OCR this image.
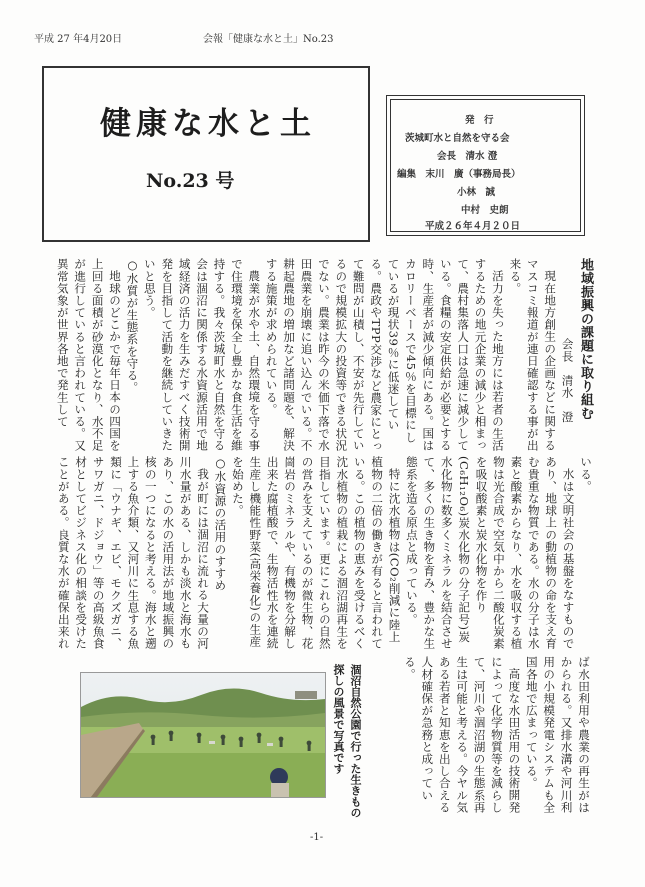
平成 27 年4月20日	会報「健康な水と土」No.23
健康な水と土
No.23 号
発　行
茨城町水と自然を守る会
会長　清水 澄
編集　末川　廣（事務局長）
小林　誠
中村　史朗
平成２６年４月２０日
地域振興の課題に取り組む
会長　清水　澄
現在地方創生の企画などに関するマスコミ報道が連日確認する事が出来る。
活力を失った地方には若者の生活するための地元企業の減少と相まって、農村集落人口は急速に減少している。食糧の安定供給が必要とする時、生産者が減少傾向にある。国はカロリーベースで45％を目標にしているが現状39％に低迷している。農政やTPP交渉など農家にとって難問が山積し、不安が先行しているので規模拡大の投資等できる状況でない。農業は昨今の米価下落で水田農業を崩壊に追い込んでいる。不耕起農地の増加など諸問題を、解決する施策が求められている。
農業が水や土、自然環境を守る事で住環境を保全し豊かな食生活を維持する。我々茨城町水と自然を守る会は涸沼に関係する水資源活用で地域経済の活力を生みだすべく技術開発を目指して活動を継続していきたいと思う。
○水質が生態系を守る。
地球のどこかで毎年日本の四国を上回る面積が砂漠化となり、水不足が進行していると言われている。又異常気象が世界各地で発生して
いる。
水は文明社会の基盤をなすものであり、地球上の動植物の命を支え育む貴重な物質である。水の分子は水素と酸素からなり、水を吸収する植物は光合成で空気中から二酸化炭素を吸収酸素と炭水化物を作り(C₆H₁₂O₆)炭水化物の分子記号)炭水化物に数多くミネラルを結合させて、多くの生き物を育み、豊かな生態系を造る原点と成っている。
特に沈水植物は(CO₂削減に陸上植物の二倍の働きが有ると言われている。この植物の恵みを受けるべく沈水植物の植栽による涸沼湖再生を目指しています。更にこれらの自然の営みを支えているのが微生物、花崗岩のミネラルや、有機物を分解し出来た腐植酸で、生物活性水を連続生産し機能性野菜(高栄養化)の生産を始めた。
○水資源の活用のすすめ
我が町には涸沼に流れる大量の河川水量がある、しかも淡水と海水もあり、この水の活用法が地域振興の核の一つになると考える。海水と遡上する魚介類、又河川に生息する魚類に「ウナギ、エビ、モクズガニ、サワガニ、ドジョウ」等の高級魚食材としてビジネス化の相談を受けたことがある。良質な水が確保出来れ
ば水田利用や農業の再生がはかられる。又排水溝や河川利用の小規模発電システムも全国各地で広まっている。
高度な水田活用の技術開発によって化学物質等を減らして、河川や涸沼湖の生態系再生は可能と考える。今ヤル気ある若者と知恵を出し合える人材確保が急務と成っている。
涸沼自然公園で行った生きもの探しの風景で写真です
-1-
